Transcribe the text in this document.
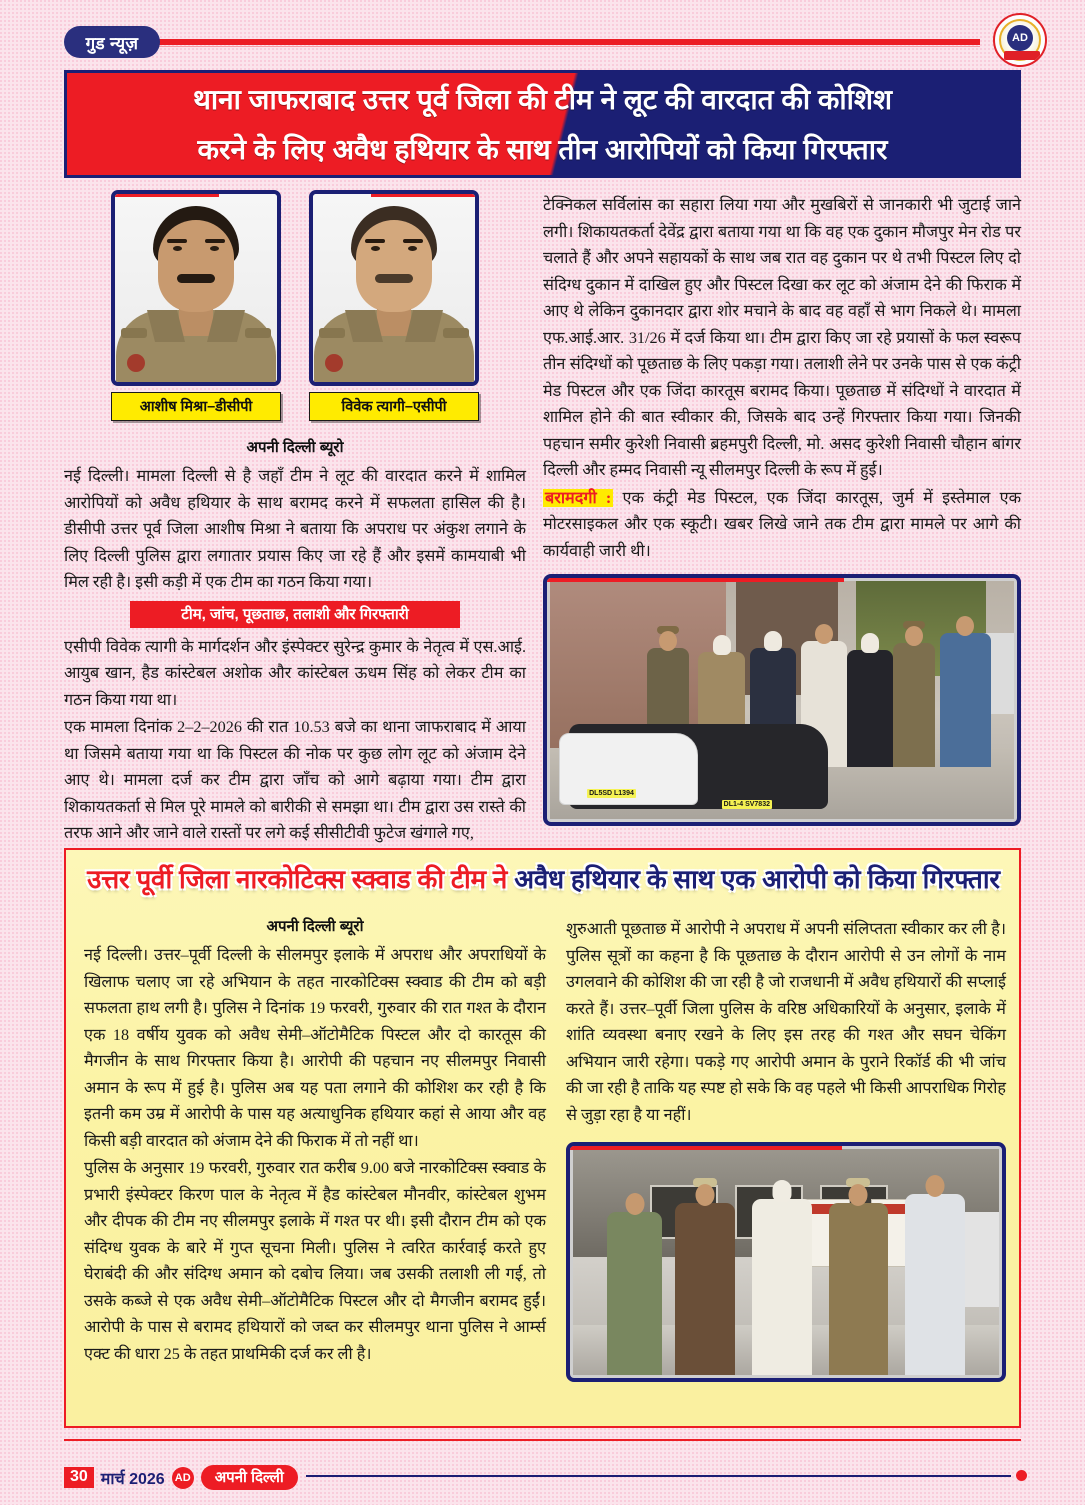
गुड न्यूज़	AD
थाना जाफराबाद उत्तर पूर्व जिला की टीम ने लूट की वारदात की कोशिश
करने के लिए अवैध हथियार के साथ तीन आरोपियों को किया गिरफ्तार
आशीष मिश्रा–डीसीपी	विवेक त्यागी–एसीपी
अपनी दिल्ली ब्यूरो

नई दिल्ली। मामला दिल्ली से है जहाँ टीम ने लूट की वारदात करने में शामिल आरोपियों को अवैध हथियार के साथ बरामद करने में सफलता हासिल की है। डीसीपी उत्तर पूर्व जिला आशीष मिश्रा ने बताया कि अपराध पर अंकुश लगाने के लिए दिल्ली पुलिस द्वारा लगातार प्रयास किए जा रहे हैं और इसमें कामयाबी भी मिल रही है। इसी कड़ी में एक टीम का गठन किया गया।

टीम, जांच, पूछताछ, तलाशी और गिरफ्तारी

एसीपी विवेक त्यागी के मार्गदर्शन और इंस्पेक्टर सुरेन्द्र कुमार के नेतृत्व में एस.आई. आयुब खान, हैड कांस्टेबल अशोक और कांस्टेबल ऊधम सिंह को लेकर टीम का गठन किया गया था।

एक मामला दिनांक 2–2–2026 की रात 10.53 बजे का थाना जाफराबाद में आया था जिसमे बताया गया था कि पिस्टल की नोक पर कुछ लोग लूट को अंजाम देने आए थे। मामला दर्ज कर टीम द्वारा जाँच को आगे बढ़ाया गया। टीम द्वारा शिकायतकर्ता से मिल पूरे मामले को बारीकी से समझा था। टीम द्वारा उस रास्ते की तरफ आने और जाने वाले रास्तों पर लगे कई सीसीटीवी फुटेज खंगाले गए,

टेक्निकल सर्विलांस का सहारा लिया गया और मुखबिरों से जानकारी भी जुटाई जाने लगी। शिकायतकर्ता देवेंद्र द्वारा बताया गया था कि वह एक दुकान मौजपुर मेन रोड पर चलाते हैं और अपने सहायकों के साथ जब रात वह दुकान पर थे तभी पिस्टल लिए दो संदिग्ध दुकान में दाखिल हुए और पिस्टल दिखा कर लूट को अंजाम देने की फिराक में आए थे लेकिन दुकानदार द्वारा शोर मचाने के बाद वह वहाँ से भाग निकले थे। मामला एफ.आई.आर. 31/26 में दर्ज किया था। टीम द्वारा किए जा रहे प्रयासों के फल स्वरूप तीन संदिग्धों को पूछताछ के लिए पकड़ा गया। तलाशी लेने पर उनके पास से एक कंट्री मेड पिस्टल और एक जिंदा कारतूस बरामद किया। पूछताछ में संदिग्धों ने वारदात में शामिल होने की बात स्वीकार की, जिसके बाद उन्हें गिरफ्तार किया गया। जिनकी पहचान समीर कुरेशी निवासी ब्रहमपुरी दिल्ली, मो. असद कुरेशी निवासी चौहान बांगर दिल्ली और हम्मद निवासी न्यू सीलमपुर दिल्ली के रूप में हुई।

बरामदगी : एक कंट्री मेड पिस्टल, एक जिंदा कारतूस, जुर्म में इस्तेमाल एक मोटरसाइकल और एक स्कूटी। खबर लिखे जाने तक टीम द्वारा मामले पर आगे की कार्यवाही जारी थी।

DL5SD L1394
DL1-4 SV7832
उत्तर पूर्वी जिला नारकोटिक्स स्क्वाड की टीम ने अवैध हथियार के साथ एक आरोपी को किया गिरफ्तार
अपनी दिल्ली ब्यूरो

नई दिल्ली। उत्तर–पूर्वी दिल्ली के सीलमपुर इलाके में अपराध और अपराधियों के खिलाफ चलाए जा रहे अभियान के तहत नारकोटिक्स स्क्वाड की टीम को बड़ी सफलता हाथ लगी है। पुलिस ने दिनांक 19 फरवरी, गुरुवार की रात गश्त के दौरान एक 18 वर्षीय युवक को अवैध सेमी–ऑटोमैटिक पिस्टल और दो कारतूस की मैगजीन के साथ गिरफ्तार किया है। आरोपी की पहचान नए सीलमपुर निवासी अमान के रूप में हुई है। पुलिस अब यह पता लगाने की कोशिश कर रही है कि इतनी कम उम्र में आरोपी के पास यह अत्याधुनिक हथियार कहां से आया और वह किसी बड़ी वारदात को अंजाम देने की फिराक में तो नहीं था।

पुलिस के अनुसार 19 फरवरी, गुरुवार रात करीब 9.00 बजे नारकोटिक्स स्क्वाड के प्रभारी इंस्पेक्टर किरण पाल के नेतृत्व में हैड कांस्टेबल मौनवीर, कांस्टेबल शुभम और दीपक की टीम नए सीलमपुर इलाके में गश्त पर थी। इसी दौरान टीम को एक संदिग्ध युवक के बारे में गुप्त सूचना मिली। पुलिस ने त्वरित कार्रवाई करते हुए घेराबंदी की और संदिग्ध अमान को दबोच लिया। जब उसकी तलाशी ली गई, तो उसके कब्जे से एक अवैध सेमी–ऑटोमैटिक पिस्टल और दो मैगजीन बरामद हुईं। आरोपी के पास से बरामद हथियारों को जब्त कर सीलमपुर थाना पुलिस ने आर्म्स एक्ट की धारा 25 के तहत प्राथमिकी दर्ज कर ली है।

शुरुआती पूछताछ में आरोपी ने अपराध में अपनी संलिप्तता स्वीकार कर ली है। पुलिस सूत्रों का कहना है कि पूछताछ के दौरान आरोपी से उन लोगों के नाम उगलवाने की कोशिश की जा रही है जो राजधानी में अवैध हथियारों की सप्लाई करते हैं। उत्तर–पूर्वी जिला पुलिस के वरिष्ठ अधिकारियों के अनुसार, इलाके में शांति व्यवस्था बनाए रखने के लिए इस तरह की गश्त और सघन चेकिंग अभियान जारी रहेगा। पकड़े गए आरोपी अमान के पुराने रिकॉर्ड की भी जांच की जा रही है ताकि यह स्पष्ट हो सके कि वह पहले भी किसी आपराधिक गिरोह से जुड़ा रहा है या नहीं।

30 मार्च 2026 AD	अपनी दिल्ली
